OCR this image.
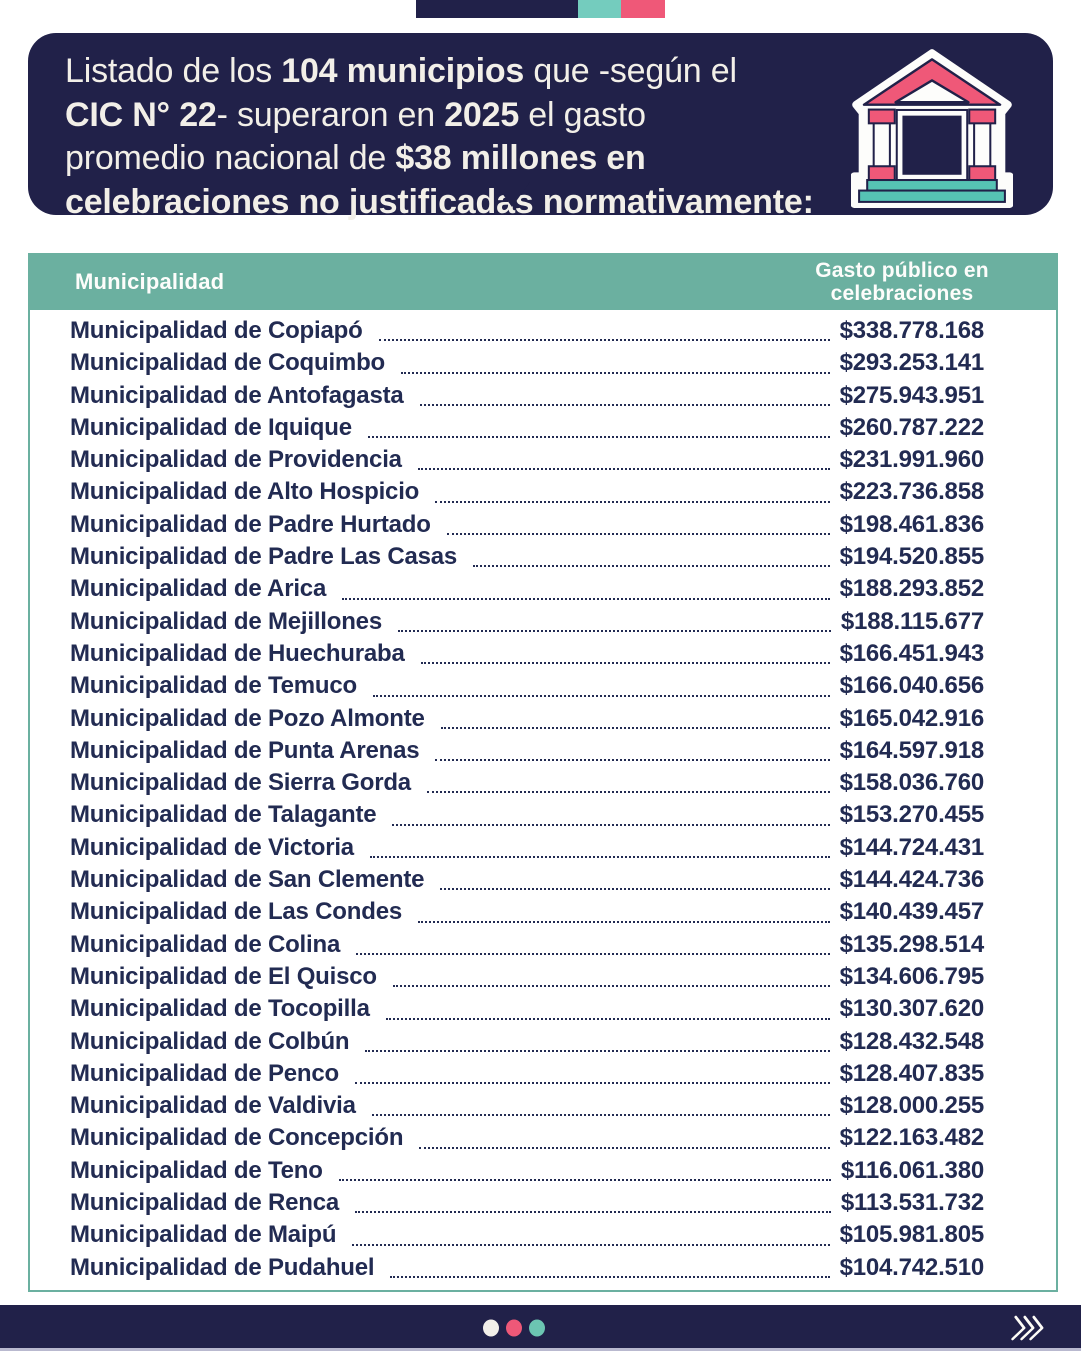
Listado de los 104 municipios que -según el
CIC N° 22- superaron en 2025 el gasto
promedio nacional de $38 millones en
celebraciones no justificadas normativamente:
Municipalidad	Gasto público en
celebraciones
Municipalidad de Copiapó	$338.778.168
Municipalidad de Coquimbo	$293.253.141
Municipalidad de Antofagasta	$275.943.951
Municipalidad de Iquique	$260.787.222
Municipalidad de Providencia	$231.991.960
Municipalidad de Alto Hospicio	$223.736.858
Municipalidad de Padre Hurtado	$198.461.836
Municipalidad de Padre Las Casas	$194.520.855
Municipalidad de Arica	$188.293.852
Municipalidad de Mejillones	$188.115.677
Municipalidad de Huechuraba	$166.451.943
Municipalidad de Temuco	$166.040.656
Municipalidad de Pozo Almonte	$165.042.916
Municipalidad de Punta Arenas	$164.597.918
Municipalidad de Sierra Gorda	$158.036.760
Municipalidad de Talagante	$153.270.455
Municipalidad de Victoria	$144.724.431
Municipalidad de San Clemente	$144.424.736
Municipalidad de Las Condes	$140.439.457
Municipalidad de Colina	$135.298.514
Municipalidad de El Quisco	$134.606.795
Municipalidad de Tocopilla	$130.307.620
Municipalidad de Colbún	$128.432.548
Municipalidad de Penco	$128.407.835
Municipalidad de Valdivia	$128.000.255
Municipalidad de Concepción	$122.163.482
Municipalidad de Teno	$116.061.380
Municipalidad de Renca	$113.531.732
Municipalidad de Maipú	$105.981.805
Municipalidad de Pudahuel	$104.742.510
